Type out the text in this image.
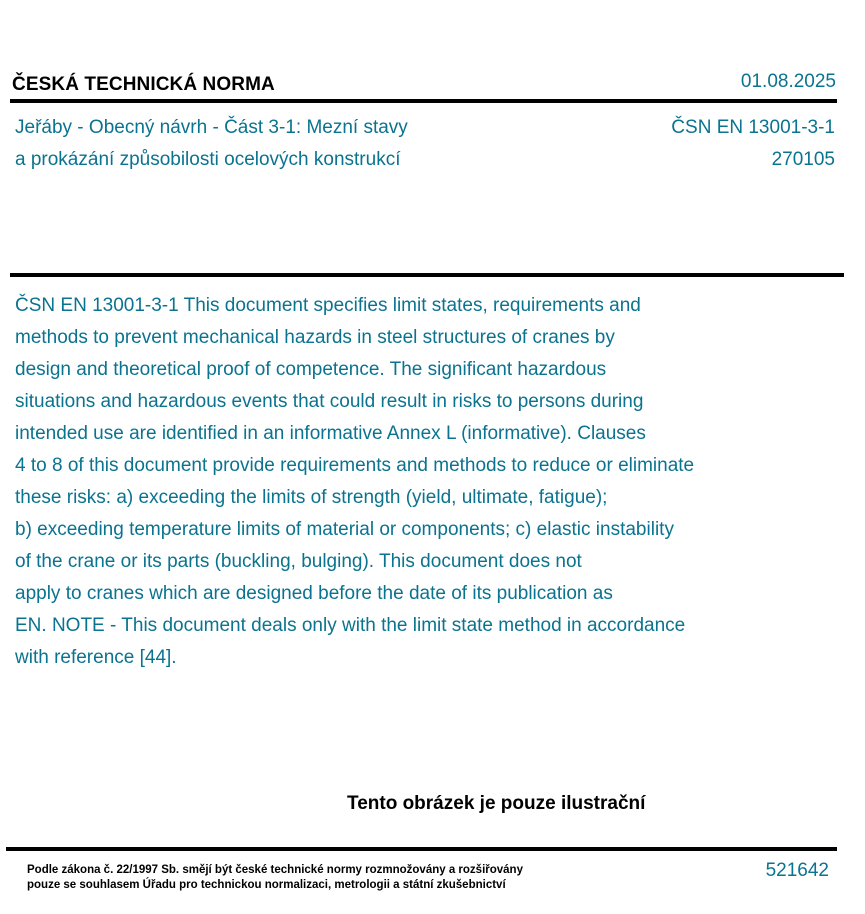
ČESKÁ TECHNICKÁ NORMA	01.08.2025
Jeřáby - Obecný návrh - Část 3-1: Mezní stavy
a prokázání způsobilosti ocelových konstrukcí
ČSN EN 13001-3-1
270105
ČSN EN 13001-3-1 This document specifies limit states, requirements and
methods to prevent mechanical hazards in steel structures of cranes by
design and theoretical proof of competence. The significant hazardous
situations and hazardous events that could result in risks to persons during
intended use are identified in an informative Annex L (informative). Clauses
4 to 8 of this document provide requirements and methods to reduce or eliminate
these risks: a) exceeding the limits of strength (yield, ultimate, fatigue);
b) exceeding temperature limits of material or components; c) elastic instability
of the crane or its parts (buckling, bulging). This document does not
apply to cranes which are designed before the date of its publication as
EN. NOTE - This document deals only with the limit state method in accordance
with reference [44].
Tento obrázek je pouze ilustrační
Podle zákona č. 22/1997 Sb. smějí být české technické normy rozmnožovány a rozšiřovány
pouze se souhlasem Úřadu pro technickou normalizaci, metrologii a státní zkušebnictví
521642
